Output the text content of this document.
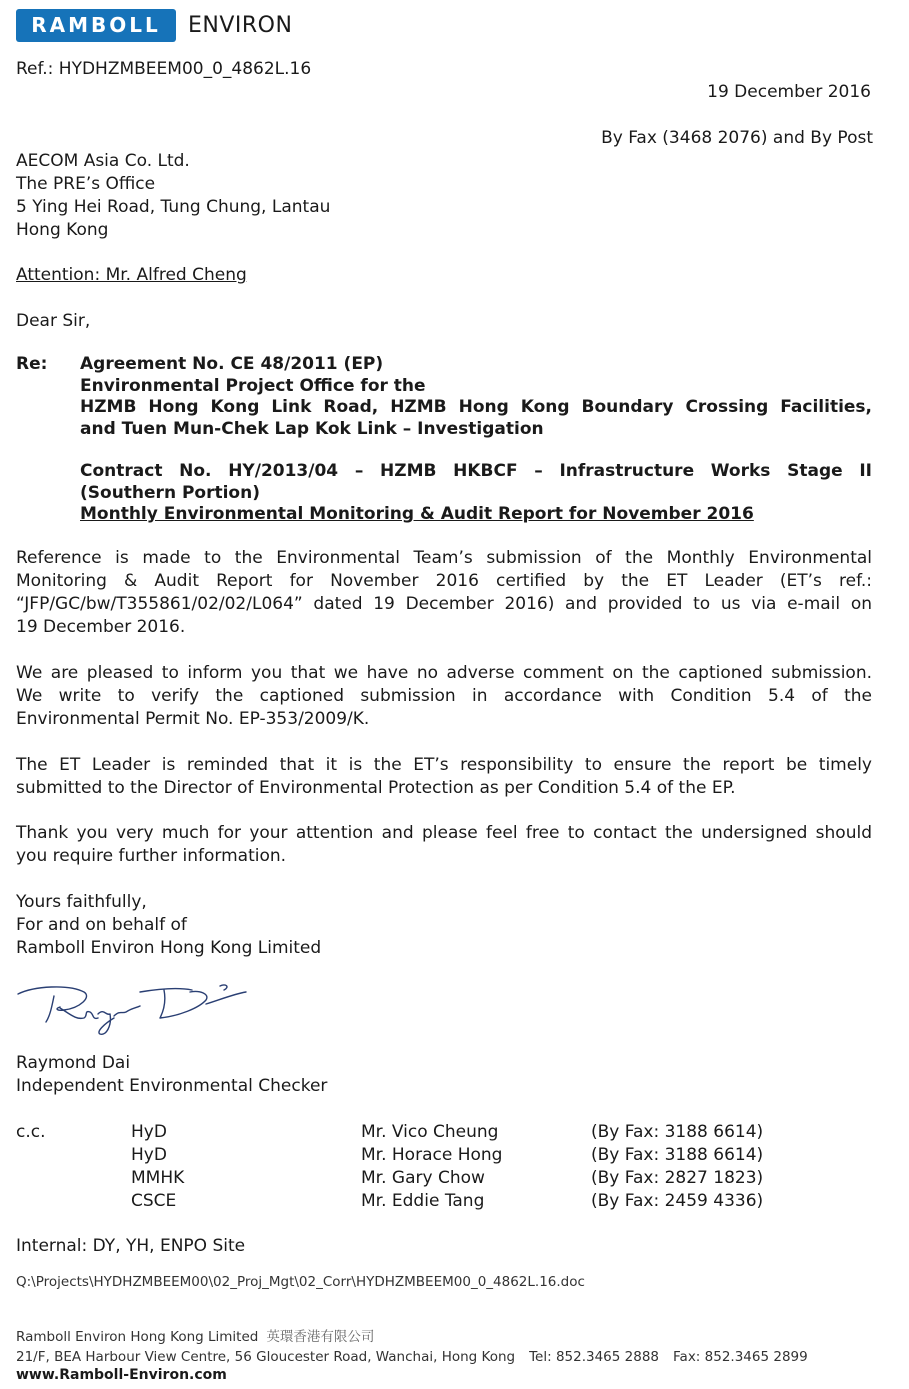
RAMBOLL	ENVIRON
Ref.: HYDHZMBEEM00_0_4862L.16
19 December 2016
By Fax (3468 2076) and By Post
AECOM Asia Co. Ltd.
The PRE’s Office
5 Ying Hei Road, Tung Chung, Lantau
Hong Kong
Attention: Mr. Alfred Cheng
Dear Sir,
Re: Agreement No. CE 48/2011 (EP)
Environmental Project Office for the
HZMB Hong Kong Link Road, HZMB Hong Kong Boundary Crossing Facilities,
and Tuen Mun-Chek Lap Kok Link – Investigation
Contract No. HY/2013/04 – HZMB HKBCF – Infrastructure Works Stage II
(Southern Portion)
Monthly Environmental Monitoring & Audit Report for November 2016
Reference is made to the Environmental Team’s submission of the Monthly Environmental
Monitoring & Audit Report for November 2016 certified by the ET Leader (ET’s ref.:
“JFP/GC/bw/T355861/02/02/L064” dated 19 December 2016) and provided to us via e-mail on
19 December 2016.
We are pleased to inform you that we have no adverse comment on the captioned submission.
We write to verify the captioned submission in accordance with Condition 5.4 of the
Environmental Permit No. EP-353/2009/K.
The ET Leader is reminded that it is the ET’s responsibility to ensure the report be timely
submitted to the Director of Environmental Protection as per Condition 5.4 of the EP.
Thank you very much for your attention and please feel free to contact the undersigned should
you require further information.
Yours faithfully,
For and on behalf of
Ramboll Environ Hong Kong Limited
Raymond Dai
Independent Environmental Checker
c.c.	HyD
HyD
MMHK
CSCE
Mr. Vico Cheung
Mr. Horace Hong
Mr. Gary Chow
Mr. Eddie Tang
(By Fax: 3188 6614)
(By Fax: 3188 6614)
(By Fax: 2827 1823)
(By Fax: 2459 4336)
Internal: DY, YH, ENPO Site
Q:\Projects\HYDHZMBEEM00\02_Proj_Mgt\02_Corr\HYDHZMBEEM00_0_4862L.16.doc
Ramboll Environ Hong Kong Limited 英環香港有限公司
21/F, BEA Harbour View Centre, 56 Gloucester Road, Wanchai, Hong Kong Tel: 852.3465 2888 Fax: 852.3465 2899
www.Ramboll-Environ.com
